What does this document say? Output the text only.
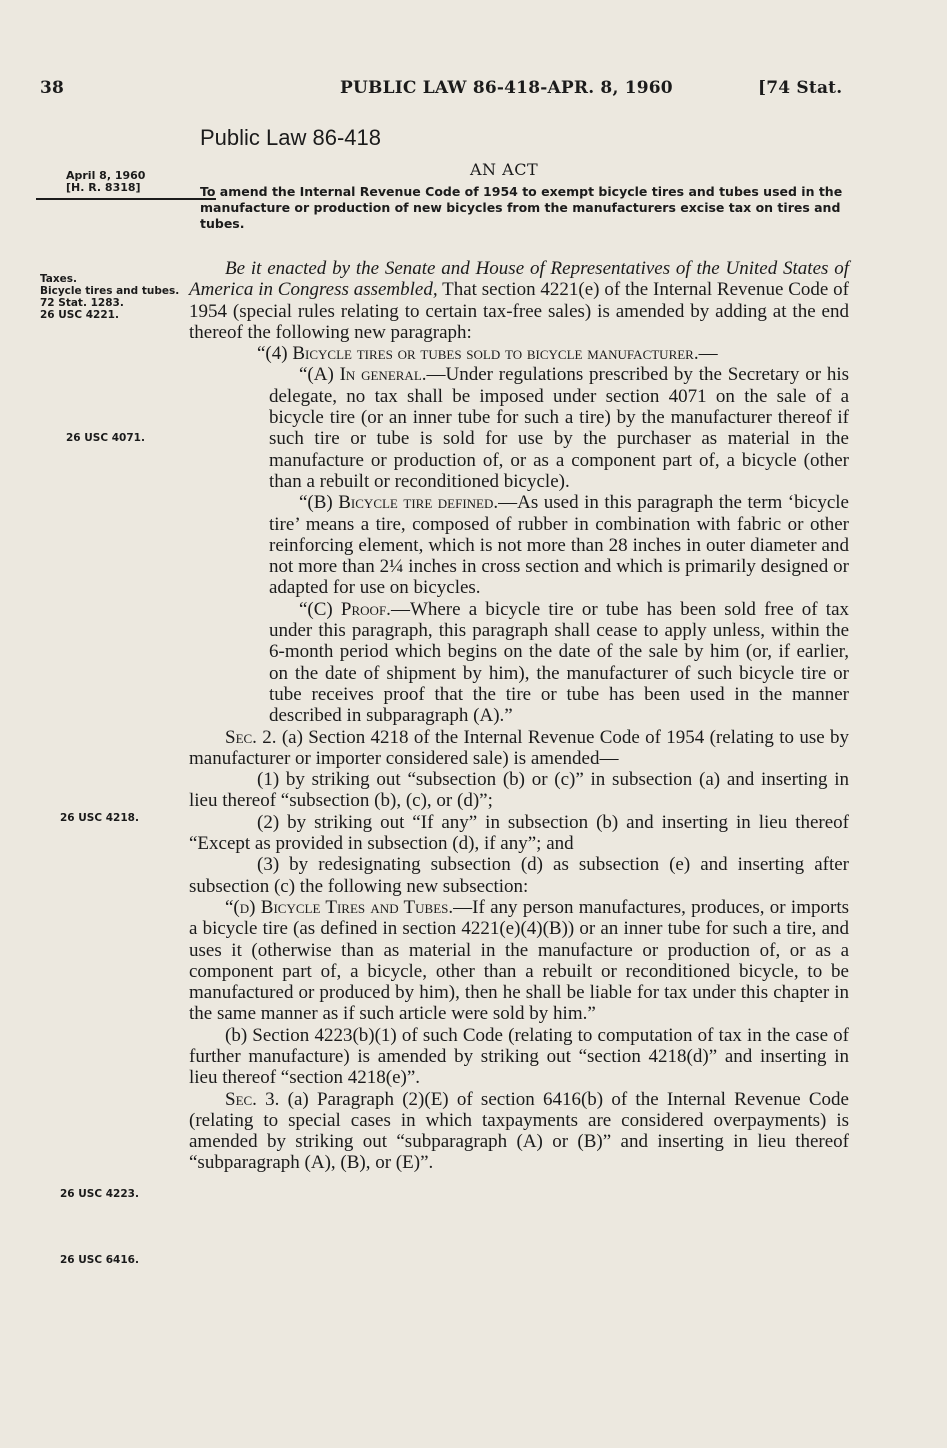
38	PUBLIC LAW 86-418-APR. 8, 1960	[74 Stat.
Public Law 86-418
AN ACT
April 8, 1960
[H. R. 8318]	To amend the Internal Revenue Code of 1954 to exempt bicycle tires and tubes used in the manufacture or production of new bicycles from the manufacturers excise tax on tires and tubes.
Taxes.
Bicycle tires and tubes.
72 Stat. 1283.
26 USC 4221.
26 USC 4071.
26 USC 4218.
26 USC 4223.
26 USC 6416.

Be it enacted by the Senate and House of Representatives of the United States of America in Congress assembled, That section 4221(e) of the Internal Revenue Code of 1954 (special rules relating to certain tax-free sales) is amended by adding at the end thereof the following new paragraph:

“(4) Bicycle tires or tubes sold to bicycle manufacturer.—

“(A) In general.—Under regulations prescribed by the Secretary or his delegate, no tax shall be imposed under section 4071 on the sale of a bicycle tire (or an inner tube for such a tire) by the manufacturer thereof if such tire or tube is sold for use by the purchaser as material in the manufacture or production of, or as a component part of, a bicycle (other than a rebuilt or reconditioned bicycle).

“(B) Bicycle tire defined.—As used in this paragraph the term ‘bicycle tire’ means a tire, composed of rubber in combination with fabric or other reinforcing element, which is not more than 28 inches in outer diameter and not more than 2¼ inches in cross section and which is primarily designed or adapted for use on bicycles.

“(C) Proof.—Where a bicycle tire or tube has been sold free of tax under this paragraph, this paragraph shall cease to apply unless, within the 6-month period which begins on the date of the sale by him (or, if earlier, on the date of shipment by him), the manufacturer of such bicycle tire or tube receives proof that the tire or tube has been used in the manner described in subparagraph (A).”

Sec. 2. (a) Section 4218 of the Internal Revenue Code of 1954 (relating to use by manufacturer or importer considered sale) is amended—

(1) by striking out “subsection (b) or (c)” in subsection (a) and inserting in lieu thereof “subsection (b), (c), or (d)”;

(2) by striking out “If any” in subsection (b) and inserting in lieu thereof “Except as provided in subsection (d), if any”; and

(3) by redesignating subsection (d) as subsection (e) and inserting after subsection (c) the following new subsection:

“(d) Bicycle Tires and Tubes.—If any person manufactures, produces, or imports a bicycle tire (as defined in section 4221(e)(4)(B)) or an inner tube for such a tire, and uses it (otherwise than as material in the manufacture or production of, or as a component part of, a bicycle, other than a rebuilt or reconditioned bicycle, to be manufactured or produced by him), then he shall be liable for tax under this chapter in the same manner as if such article were sold by him.”

(b) Section 4223(b)(1) of such Code (relating to computation of tax in the case of further manufacture) is amended by striking out “section 4218(d)” and inserting in lieu thereof “section 4218(e)”.

Sec. 3. (a) Paragraph (2)(E) of section 6416(b) of the Internal Revenue Code (relating to special cases in which taxpayments are considered overpayments) is amended by striking out “subparagraph (A) or (B)” and inserting in lieu thereof “subparagraph (A), (B), or (E)”.
